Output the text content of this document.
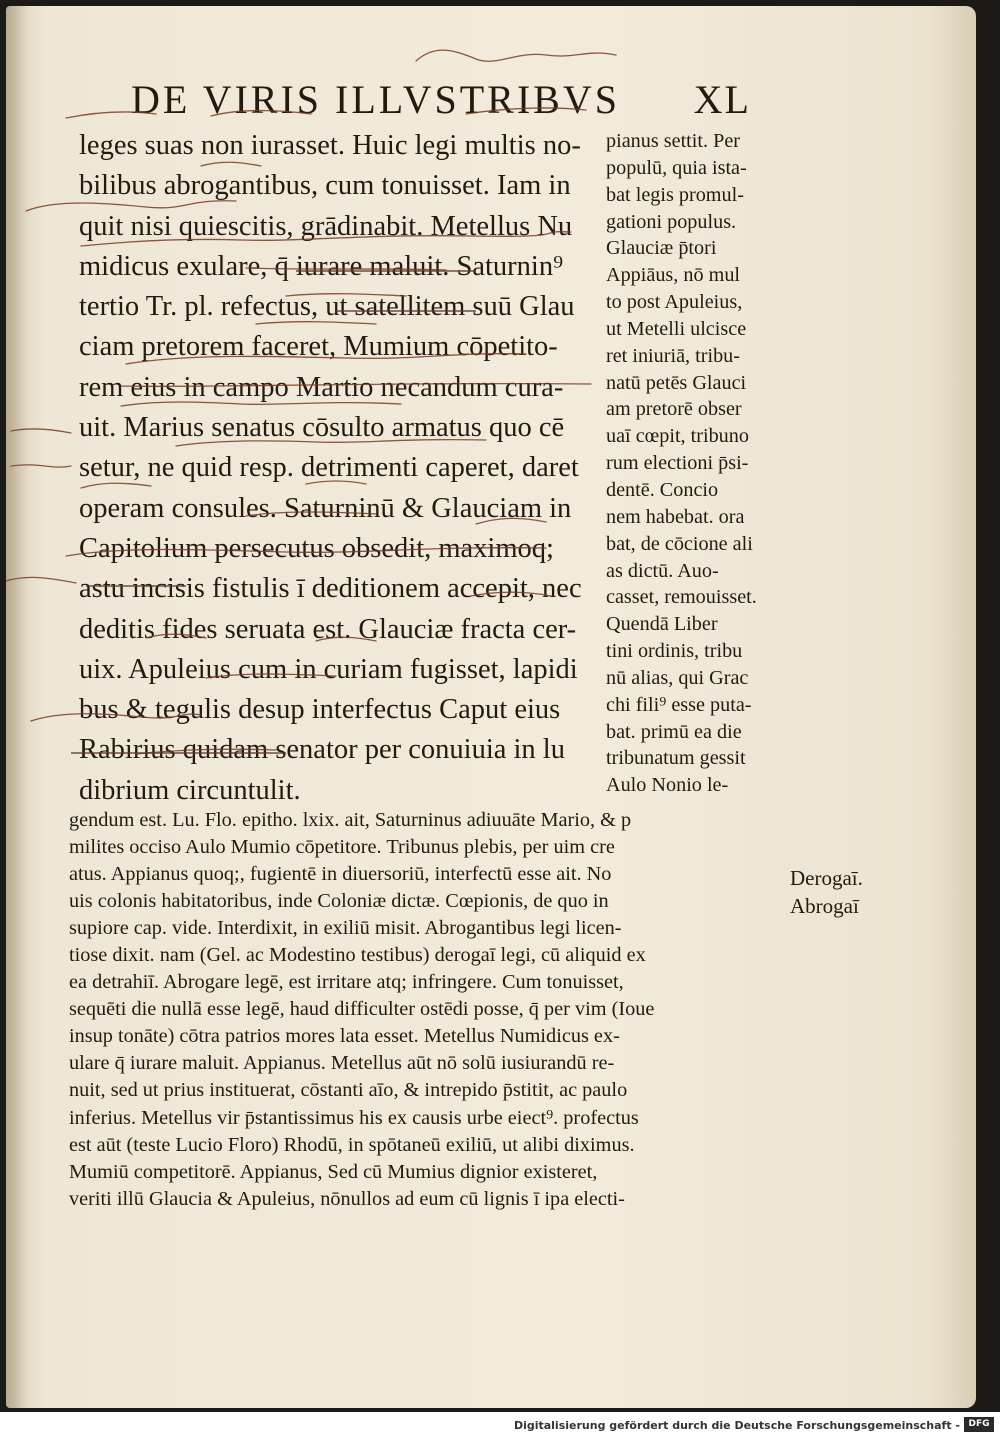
DE VIRIS ILLVSTRIBVS XL
leges suas non iurasset. Huic legi multis no-
bilibus abrogantibus, cum tonuisset. Iam in
quit nisi quiescitis, grādinabit. Metellus Nu
midicus exulare, q̄ iurare maluit. Saturnin⁹
tertio Tr. pl. refectus, ut satellitem suū Glau
ciam pretorem faceret, Mumium cōpetito-
rem eius in campo Martio necandum cura-
uit. Marius senatus cōsulto armatus quo cē
setur, ne quid resp. detrimenti caperet, daret
operam consules. Saturninū & Glauciam in
Capitolium persecutus obsedit, maximoq;
astu incisis fistulis ī deditionem accepit, nec
deditis fides seruata est. Glauciæ fracta cer-
uix. Apuleius cum in curiam fugisset, lapidi
bus & tegulis desup interfectus Caput eius
Rabirius quidam senator per conuiuia in lu
dibrium circuntulit.
pianus settit. Per
populū, quia ista-
bat legis promul-
gationi populus.
Glauciæ p̄tori
Appiāus, nō mul
to post Apuleius,
ut Metelli ulcisce
ret iniuriā, tribu-
natū petēs Glauci
am pretorē obser
uaī cœpit, tribuno
rum electioni p̄si-
dentē. Concio
nem habebat. ora
bat, de cōcione ali
as dictū. Auo-
casset, remouisset.
Quendā Liber
tini ordinis, tribu
nū alias, qui Grac
chi fili⁹ esse puta-
bat. primū ea die
tribunatum gessit
Aulo Nonio le-
gendum est. Lu. Flo. epitho. lxix. ait, Saturninus adiuuāte Mario, & p
milites occiso Aulo Mumio cōpetitore. Tribunus plebis, per uim cre
atus. Appianus quoq;, fugientē in diuersoriū, interfectū esse ait. No
uis colonis habitatoribus, inde Coloniæ dictæ. Cœpionis, de quo in
supiore cap. vide. Interdixit, in exiliū misit. Abrogantibus legi licen-
tiose dixit. nam (Gel. ac Modestino testibus) derogaī legi, cū aliquid ex
ea detrahiī. Abrogare legē, est irritare atq; infringere. Cum tonuisset,
sequēti die nullā esse legē, haud difficulter ostēdi posse, q̄ per vim (Ioue
insup tonāte) cōtra patrios mores lata esset. Metellus Numidicus ex-
ulare q̄ iurare maluit. Appianus. Metellus aūt nō solū iusiurandū re-
nuit, sed ut prius instituerat, cōstanti aīo, & intrepido p̄stitit, ac paulo
inferius. Metellus vir p̄stantissimus his ex causis urbe eiect⁹. profectus
est aūt (teste Lucio Floro) Rhodū, in spōtaneū exiliū, ut alibi diximus.
Mumiū competitorē. Appianus, Sed cū Mumius dignior existeret,
veriti illū Glaucia & Apuleius, nōnullos ad eum cū lignis ī ipa electi-
Derogaī.
Abrogaī
Digitalisierung gefördert durch die Deutsche Forschungsgemeinschaft - DFG
